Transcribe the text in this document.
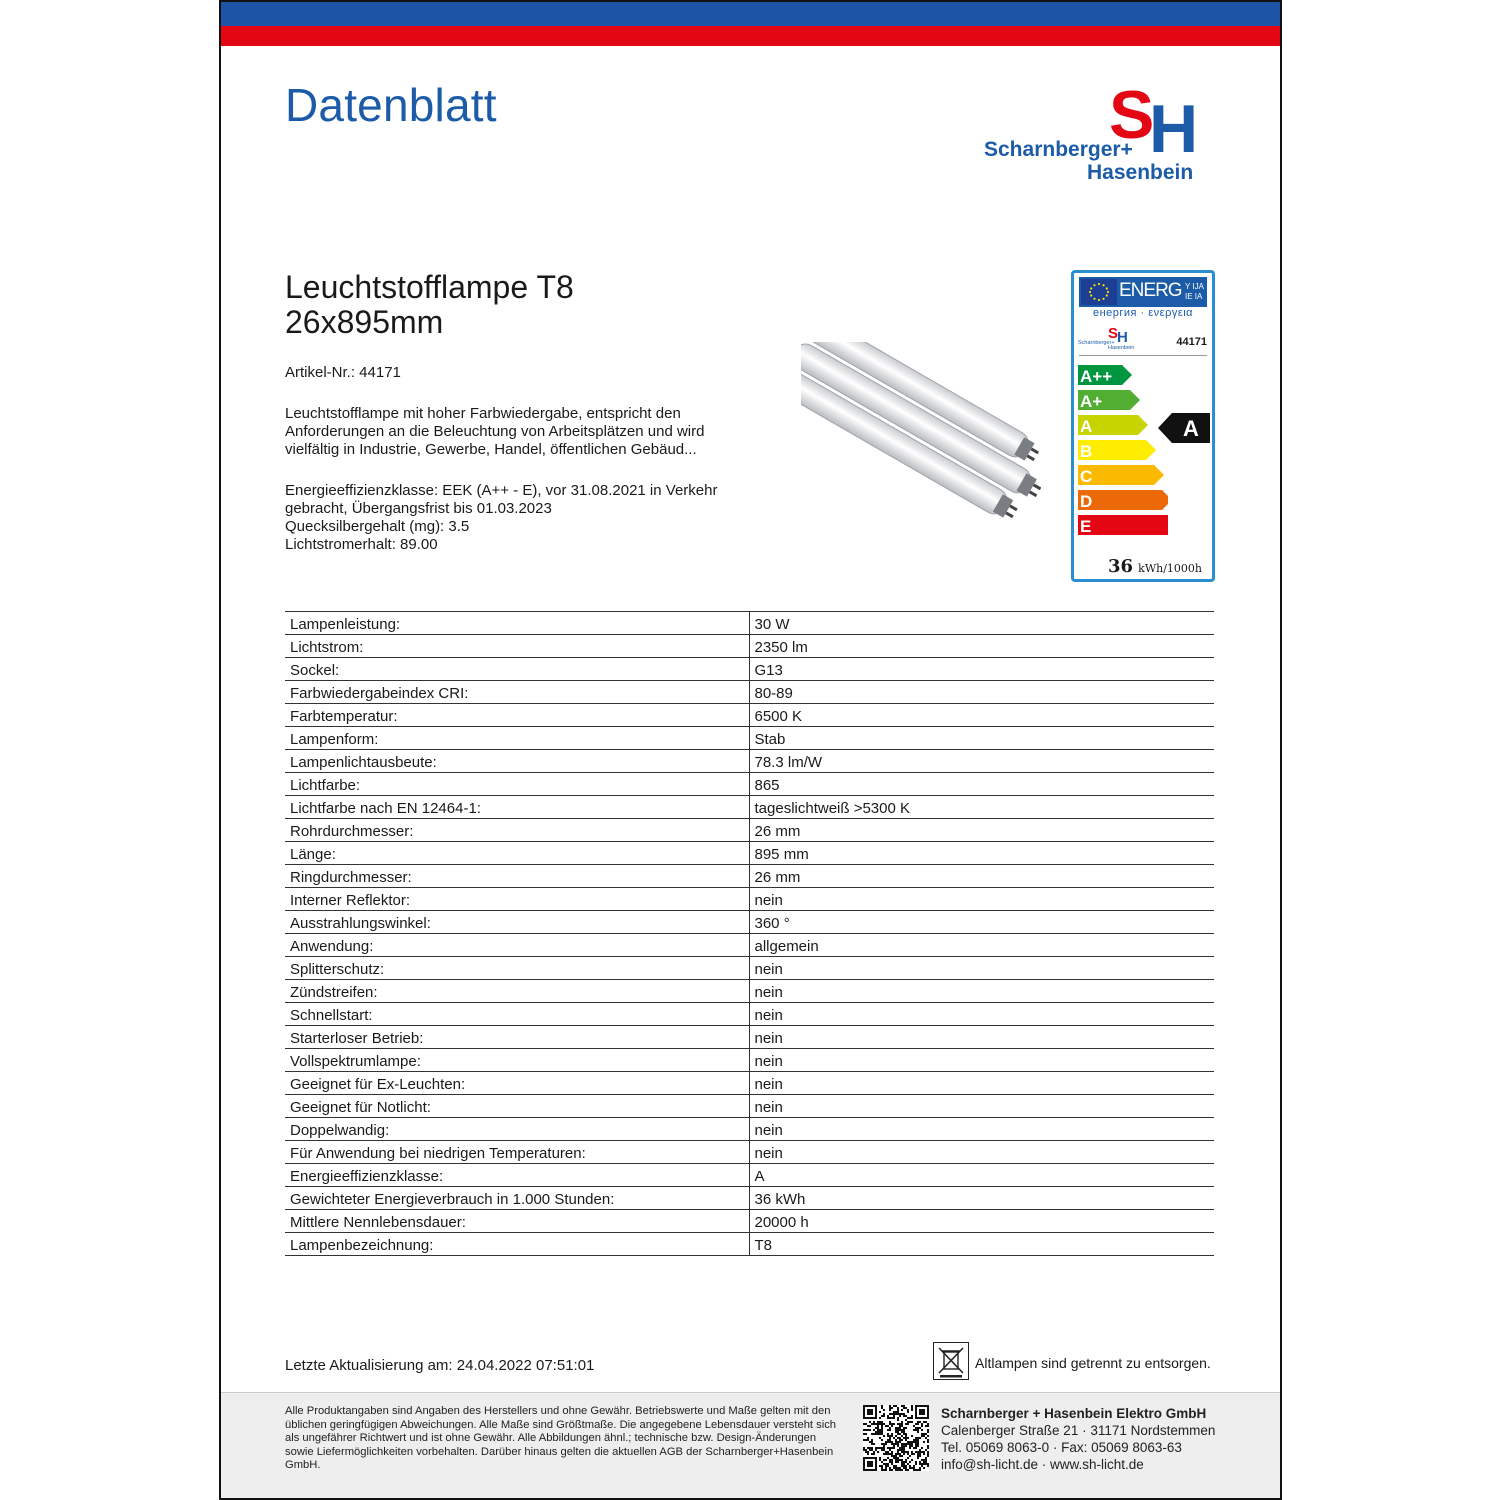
Datenblatt	S
H
Scharnberger+
Hasenbein
Leuchtstofflampe T8
26x895mm
Artikel-Nr.: 44171
Leuchtstofflampe mit hoher Farbwiedergabe, entspricht den Anforderungen an die Beleuchtung von Arbeitsplätzen und wird vielfältig in Industrie, Gewerbe, Handel, öffentlichen Gebäud...
Energieeffizienzklasse: EEK (A++ - E), vor 31.08.2021 in Verkehr
gebracht, Übergangsfrist bis 01.03.2023
Quecksilbergehalt (mg): 3.5
Lichtstromerhalt: 89.00
ENERG Y IJA
IE IA
енергия · ενεργεια
S
H
Scharnberger+
Hasenbein	44171
A++
A+
A
B
C
D
E
A
36 kWh/1000h
Lampenleistung:	30 W
Lichtstrom:	2350 lm
Sockel:	G13
Farbwiedergabeindex CRI:	80-89
Farbtemperatur:	6500 K
Lampenform:	Stab
Lampenlichtausbeute:	78.3 lm/W
Lichtfarbe:	865
Lichtfarbe nach EN 12464-1:	tageslichtweiß >5300 K
Rohrdurchmesser:	26 mm
Länge:	895 mm
Ringdurchmesser:	26 mm
Interner Reflektor:	nein
Ausstrahlungswinkel:	360 °
Anwendung:	allgemein
Splitterschutz:	nein
Zündstreifen:	nein
Schnellstart:	nein
Starterloser Betrieb:	nein
Vollspektrumlampe:	nein
Geeignet für Ex-Leuchten:	nein
Geeignet für Notlicht:	nein
Doppelwandig:	nein
Für Anwendung bei niedrigen Temperaturen:	nein
Energieeffizienzklasse:	A
Gewichteter Energieverbrauch in 1.000 Stunden:	36 kWh
Mittlere Nennlebensdauer:	20000 h
Lampenbezeichnung:	T8
Letzte Aktualisierung am: 24.04.2022 07:51:01	Altlampen sind getrennt zu entsorgen.
Alle Produktangaben sind Angaben des Herstellers und ohne Gewähr. Betriebswerte und Maße gelten mit den üblichen geringfügigen Abweichungen. Alle Maße sind Größtmaße. Die angegebene Lebensdauer versteht sich als ungefährer Richtwert und ist ohne Gewähr. Alle Abbildungen ähnl.; technische bzw. Design-Änderungen sowie Liefermöglichkeiten vorbehalten. Darüber hinaus gelten die aktuellen AGB der Scharnberger+Hasenbein GmbH.
Scharnberger + Hasenbein Elektro GmbH
Calenberger Straße 21 · 31171 Nordstemmen
Tel. 05069 8063-0 · Fax: 05069 8063-63
info@sh-licht.de · www.sh-licht.de
